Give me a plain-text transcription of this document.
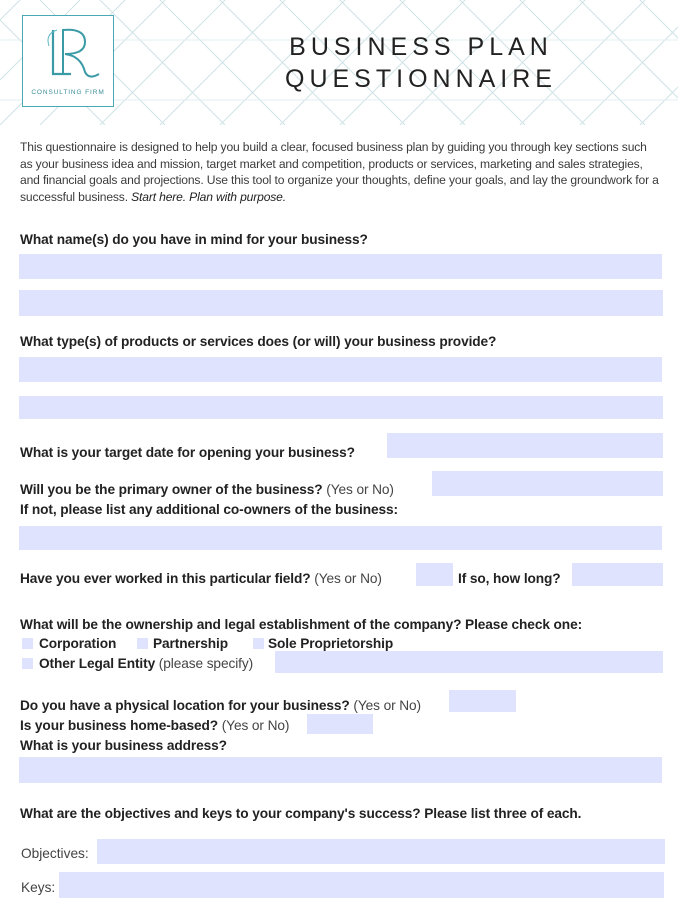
CONSULTING FIRM
BUSINESS PLAN
QUESTIONNAIRE
This questionnaire is designed to help you build a clear, focused business plan by guiding you through key sections such as your business idea and mission, target market and competition, products or services, marketing and sales strategies, and financial goals and projections. Use this tool to organize your thoughts, define your goals, and lay the groundwork for a successful business. Start here. Plan with purpose.
What name(s) do you have in mind for your business?
What type(s) of products or services does (or will) your business provide?
What is your target date for opening your business?
Will you be the primary owner of the business? (Yes or No)
If not, please list any additional co-owners of the business:
Have you ever worked in this particular field? (Yes or No)	If so, how long?
What will be the ownership and legal establishment of the company? Please check one:
Corporation	Partnership	Sole Proprietorship
Other Legal Entity (please specify)
Do you have a physical location for your business? (Yes or No)
Is your business home-based? (Yes or No)
What is your business address?
What are the objectives and keys to your company's success? Please list three of each.
Objectives:
Keys:
